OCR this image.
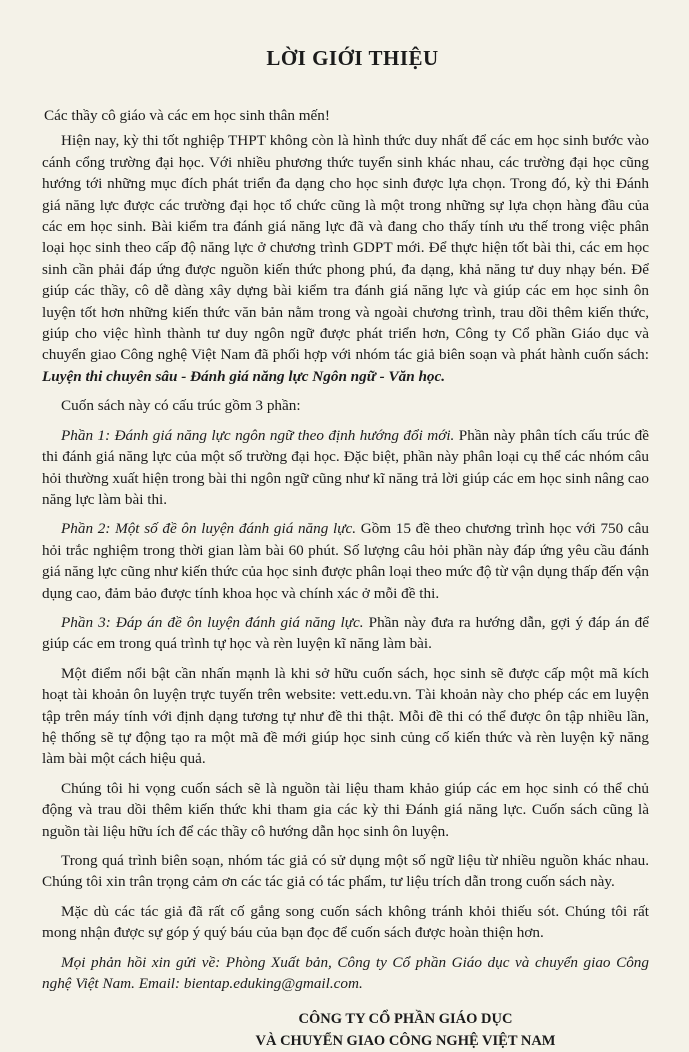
LỜI GIỚI THIỆU

Các thầy cô giáo và các em học sinh thân mến!

Hiện nay, kỳ thi tốt nghiệp THPT không còn là hình thức duy nhất để các em học sinh bước vào cánh cổng trường đại học. Với nhiều phương thức tuyển sinh khác nhau, các trường đại học cũng hướng tới những mục đích phát triển đa dạng cho học sinh được lựa chọn. Trong đó, kỳ thi Đánh giá năng lực được các trường đại học tổ chức cũng là một trong những sự lựa chọn hàng đầu của các em học sinh. Bài kiểm tra đánh giá năng lực đã và đang cho thấy tính ưu thế trong việc phân loại học sinh theo cấp độ năng lực ở chương trình GDPT mới. Để thực hiện tốt bài thi, các em học sinh cần phải đáp ứng được nguồn kiến thức phong phú, đa dạng, khả năng tư duy nhạy bén. Để giúp các thầy, cô dễ dàng xây dựng bài kiểm tra đánh giá năng lực và giúp các em học sinh ôn luyện tốt hơn những kiến thức văn bản nằm trong và ngoài chương trình, trau dồi thêm kiến thức, giúp cho việc hình thành tư duy ngôn ngữ được phát triển hơn, Công ty Cổ phần Giáo dục và chuyển giao Công nghệ Việt Nam đã phối hợp với nhóm tác giả biên soạn và phát hành cuốn sách: Luyện thi chuyên sâu - Đánh giá năng lực Ngôn ngữ - Văn học.

Cuốn sách này có cấu trúc gồm 3 phần:

Phần 1: Đánh giá năng lực ngôn ngữ theo định hướng đổi mới. Phần này phân tích cấu trúc đề thi đánh giá năng lực của một số trường đại học. Đặc biệt, phần này phân loại cụ thể các nhóm câu hỏi thường xuất hiện trong bài thi ngôn ngữ cũng như kĩ năng trả lời giúp các em học sinh nâng cao năng lực làm bài thi.

Phần 2: Một số đề ôn luyện đánh giá năng lực. Gồm 15 đề theo chương trình học với 750 câu hỏi trắc nghiệm trong thời gian làm bài 60 phút. Số lượng câu hỏi phần này đáp ứng yêu cầu đánh giá năng lực cũng như kiến thức của học sinh được phân loại theo mức độ từ vận dụng thấp đến vận dụng cao, đảm bảo được tính khoa học và chính xác ở mỗi đề thi.

Phần 3: Đáp án đề ôn luyện đánh giá năng lực. Phần này đưa ra hướng dẫn, gợi ý đáp án để giúp các em trong quá trình tự học và rèn luyện kĩ năng làm bài.

Một điểm nổi bật cần nhấn mạnh là khi sở hữu cuốn sách, học sinh sẽ được cấp một mã kích hoạt tài khoản ôn luyện trực tuyến trên website: vett.edu.vn. Tài khoản này cho phép các em luyện tập trên máy tính với định dạng tương tự như đề thi thật. Mỗi đề thi có thể được ôn tập nhiều lần, hệ thống sẽ tự động tạo ra một mã đề mới giúp học sinh củng cố kiến thức và rèn luyện kỹ năng làm bài một cách hiệu quả.

Chúng tôi hi vọng cuốn sách sẽ là nguồn tài liệu tham khảo giúp các em học sinh có thể chủ động và trau dồi thêm kiến thức khi tham gia các kỳ thi Đánh giá năng lực. Cuốn sách cũng là nguồn tài liệu hữu ích để các thầy cô hướng dẫn học sinh ôn luyện.

Trong quá trình biên soạn, nhóm tác giả có sử dụng một số ngữ liệu từ nhiều nguồn khác nhau. Chúng tôi xin trân trọng cảm ơn các tác giả có tác phẩm, tư liệu trích dẫn trong cuốn sách này.

Mặc dù các tác giả đã rất cố gắng song cuốn sách không tránh khỏi thiếu sót. Chúng tôi rất mong nhận được sự góp ý quý báu của bạn đọc để cuốn sách được hoàn thiện hơn.

Mọi phản hồi xin gửi về: Phòng Xuất bản, Công ty Cổ phần Giáo dục và chuyển giao Công nghệ Việt Nam. Email: bientap.eduking@gmail.com.

CÔNG TY CỔ PHẦN GIÁO DỤC
VÀ CHUYỂN GIAO CÔNG NGHỆ VIỆT NAM
